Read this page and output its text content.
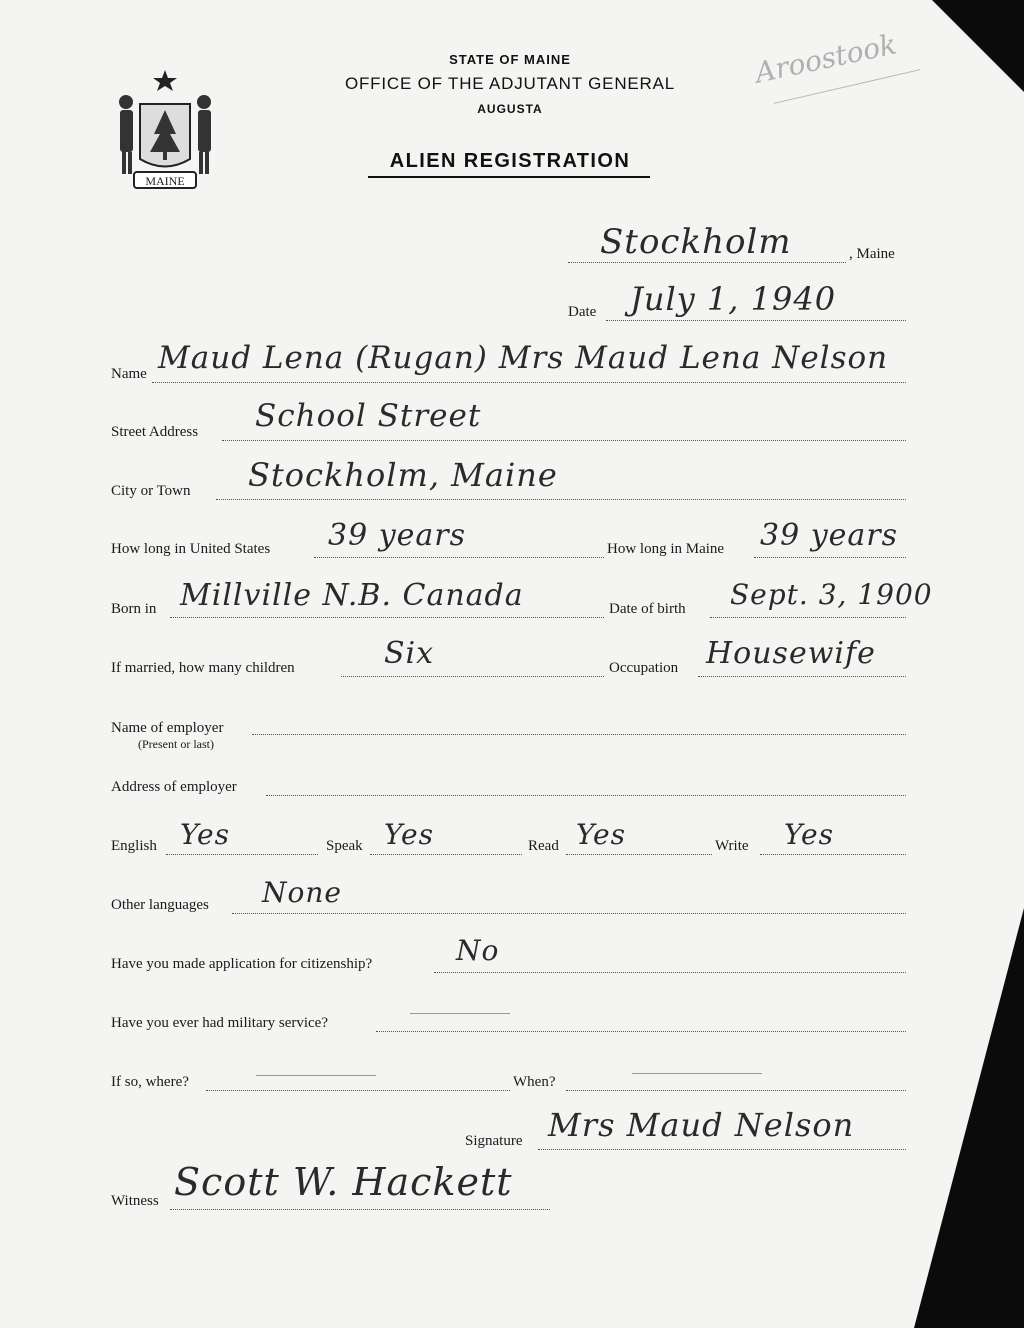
MAINE
STATE OF MAINE
OFFICE OF THE ADJUTANT GENERAL
AUGUSTA
ALIEN REGISTRATION
Aroostook
Stockholm	, Maine
Date July 1, 1940
Name Maud Lena (Rugan) Mrs Maud Lena Nelson
Street Address School Street
City or Town Stockholm, Maine
How long in United States 39 years	How long in Maine 39 years
Born in Millville N.B. Canada	Date of birth Sept. 3, 1900
If married, how many children	Six	Occupation Housewife
Name of employer
(Present or last)
Address of employer
English Yes	Speak Yes	Read Yes	Write Yes
Other languages None
Have you made application for citizenship?	No
Have you ever had military service?
If so, where?	When?
Signature Mrs Maud Nelson
Witness Scott W. Hackett
